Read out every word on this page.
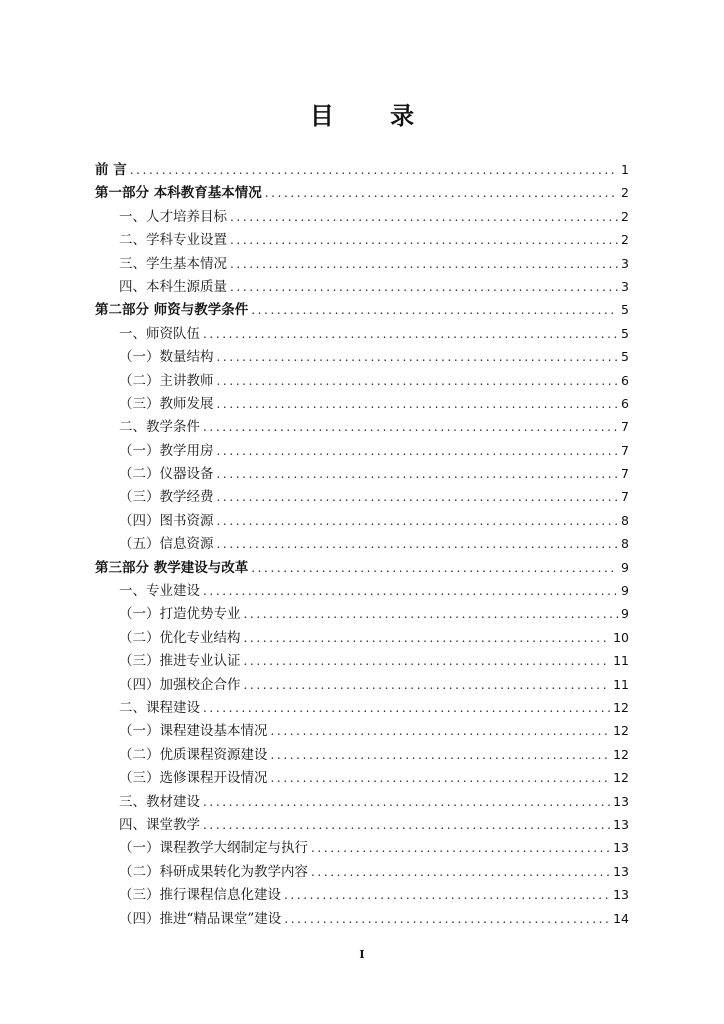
目 录
前 言 .....	1
第一部分 本科教育基本情况 .....	2
一、人才培养目标 .....	2
二、学科专业设置 .....	2
三、学生基本情况 .....	3
四、本科生源质量 .....	3
第二部分 师资与教学条件 .....	5
一、师资队伍 .....	5
（一）数量结构 .....	5
（二）主讲教师 .....	6
（三）教师发展 .....	6
二、教学条件 .....	7
（一）教学用房 .....	7
（二）仪器设备 .....	7
（三）教学经费 .....	7
（四）图书资源 .....	8
（五）信息资源 .....	8
第三部分 教学建设与改革 .....	9
一、专业建设 .....	9
（一）打造优势专业 .....	9
（二）优化专业结构 .....	10
（三）推进专业认证 .....	11
（四）加强校企合作 .....	11
二、课程建设 .....	12
（一）课程建设基本情况 .....	12
（二）优质课程资源建设 .....	12
（三）选修课程开设情况 .....	12
三、教材建设 .....	13
四、课堂教学 .....	13
（一）课程教学大纲制定与执行 .....	13
（二）科研成果转化为教学内容 .....	13
（三）推行课程信息化建设 .....	13
（四）推进“精品课堂”建设 .....	14
I
